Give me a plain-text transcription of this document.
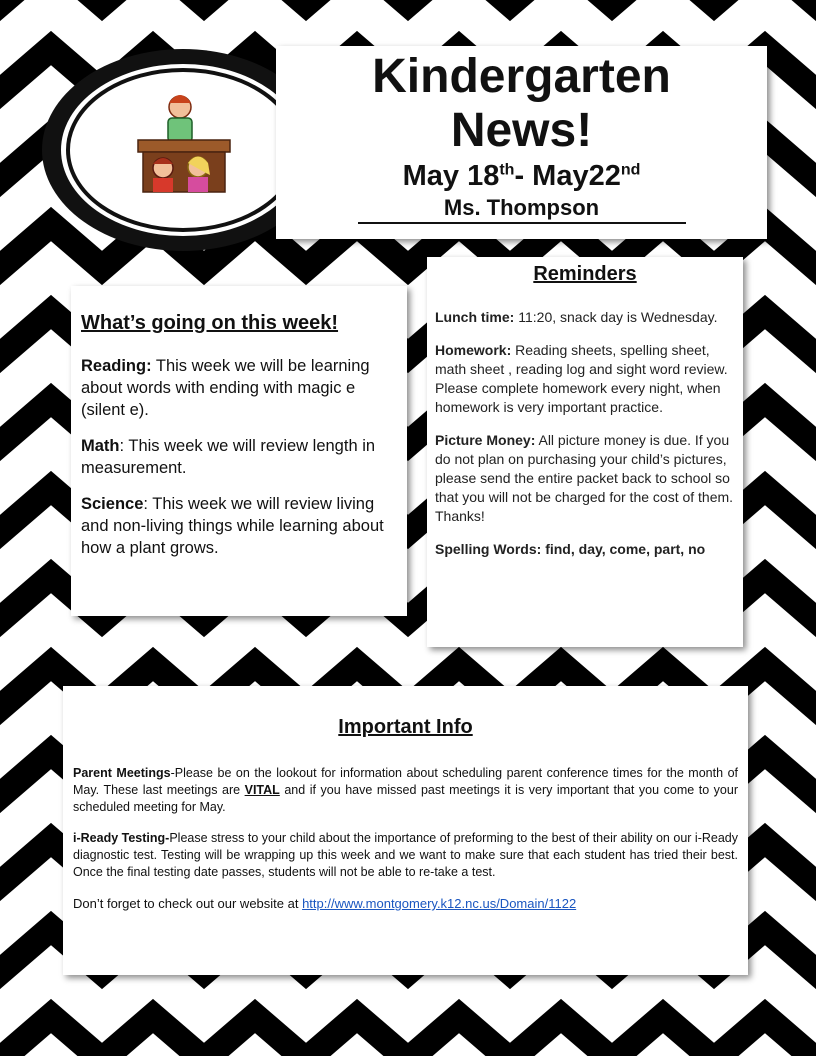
Kindergarten
News!
May 18th- May22nd
Ms. Thompson
What’s going on this week!

Reading: This week we will be learning about words with ending with magic e (silent e).

Math: This week we will review length in measurement.

Science: This week we will review living and non-living things while learning about how a plant grows.

Reminders

Lunch time: 11:20, snack day is Wednesday.

Homework: Reading sheets, spelling sheet, math sheet , reading log and sight word review. Please complete homework every night, when homework is very important practice.

Picture Money: All picture money is due. If you do not plan on purchasing your child’s pictures, please send the entire packet back to school so that you will not be charged for the cost of them. Thanks!

Spelling Words: find, day, come, part, no

Important Info

Parent Meetings-Please be on the lookout for information about scheduling parent conference times for the month of May. These last meetings are VITAL and if you have missed past meetings it is very important that you come to your scheduled meeting for May.

i-Ready Testing-Please stress to your child about the importance of preforming to the best of their ability on our i-Ready diagnostic test. Testing will be wrapping up this week and we want to make sure that each student has tried their best. Once the final testing date passes, students will not be able to re-take a test.

Don’t forget to check out our website at http://www.montgomery.k12.nc.us/Domain/1122
